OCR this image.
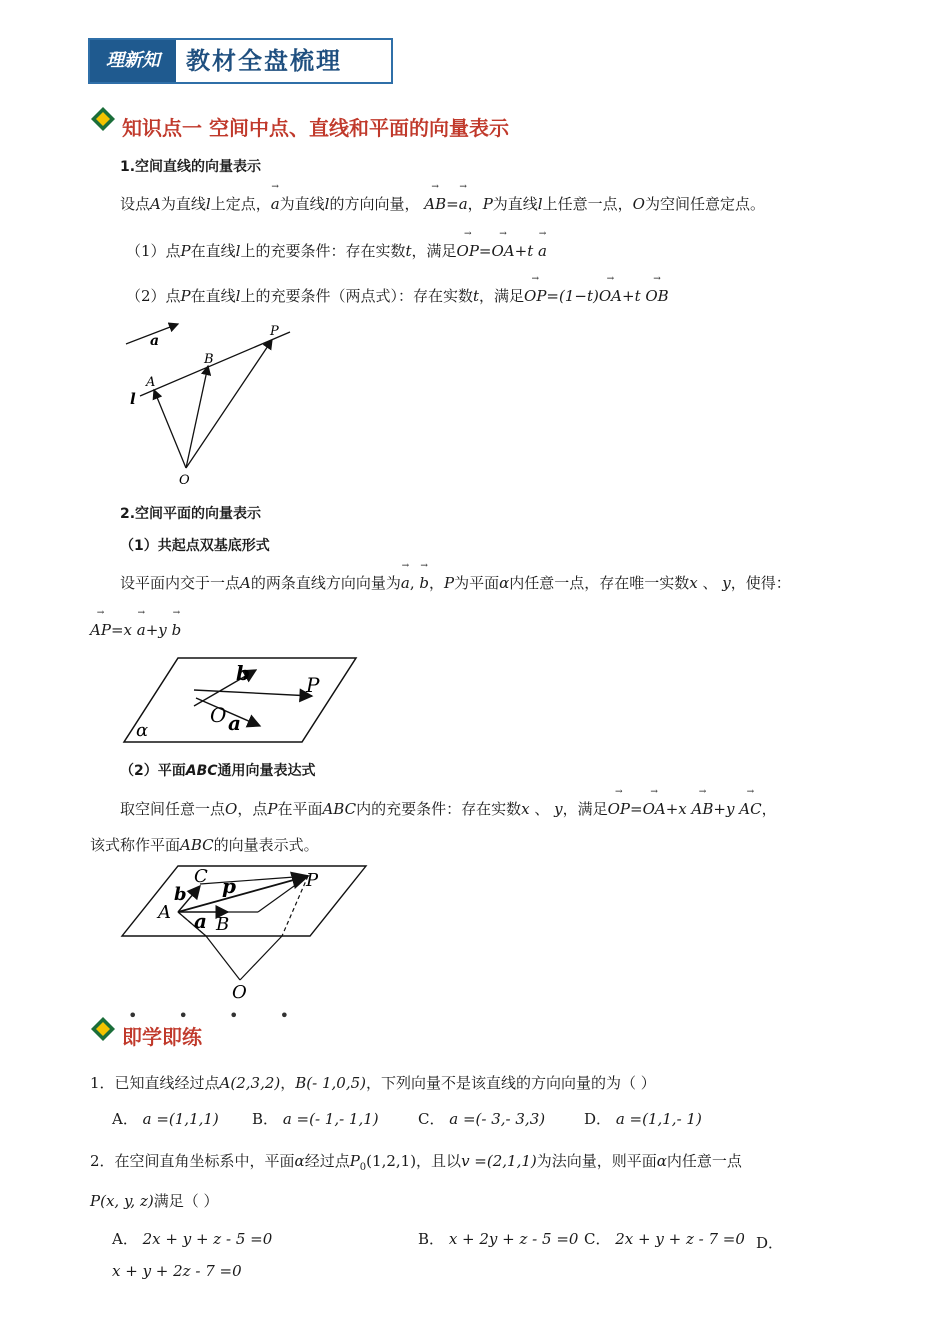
理新知	教材全盘梳理
知识点一 空间中点、直线和平面的向量表示
1.空间直线的向量表示
设点A为直线l上定点，→ a为直线l的方向向量， → AB=→ a，P为直线l上任意一点，O为空间任意定点。
（1）点P在直线l上的充要条件：存在实数t，满足→ OP=→ OA+t → a
（2）点P在直线l上的充要条件（两点式）：存在实数t，满足→ OP=(1−t)→ OA+t → OB
a
P
B
A
l
O
2.空间平面的向量表示
（1）共起点双基底形式
设平面内交于一点A的两条直线方向向量为→ a, → b，P为平面α内任意一点，存在唯一实数x 、 y，使得：
→ AP=x → a+y → b
b	P
O a
α
（2）平面ABC通用向量表达式
取空间任意一点O，点P在平面ABC内的充要条件：存在实数x 、 y，满足→ OP=→ OA+x → AB+y → AC，
该式称作平面ABC的向量表示式。
C	P
b p
A a B
O
• • • •
即学即练
1．已知直线经过点A(2,3,2)，B(- 1,0,5)，下列向量不是该直线的方向向量的为（ ）
A． a =(1,1,1) B． a =(- 1,- 1,1)	C． a =(- 3,- 3,3)	D． a =(1,1,- 1)
2．在空间直角坐标系中，平面α经过点$P_0(1,2,1)$，且以v =(2,1,1)为法向量，则平面α内任意一点
P(x, y, z)满足（ ）
A． 2x + y + z - 5 =0	B． x + 2y + z - 5 =0 C． 2x + y + z - 7 =0 D．
x + y + 2z - 7 =0
